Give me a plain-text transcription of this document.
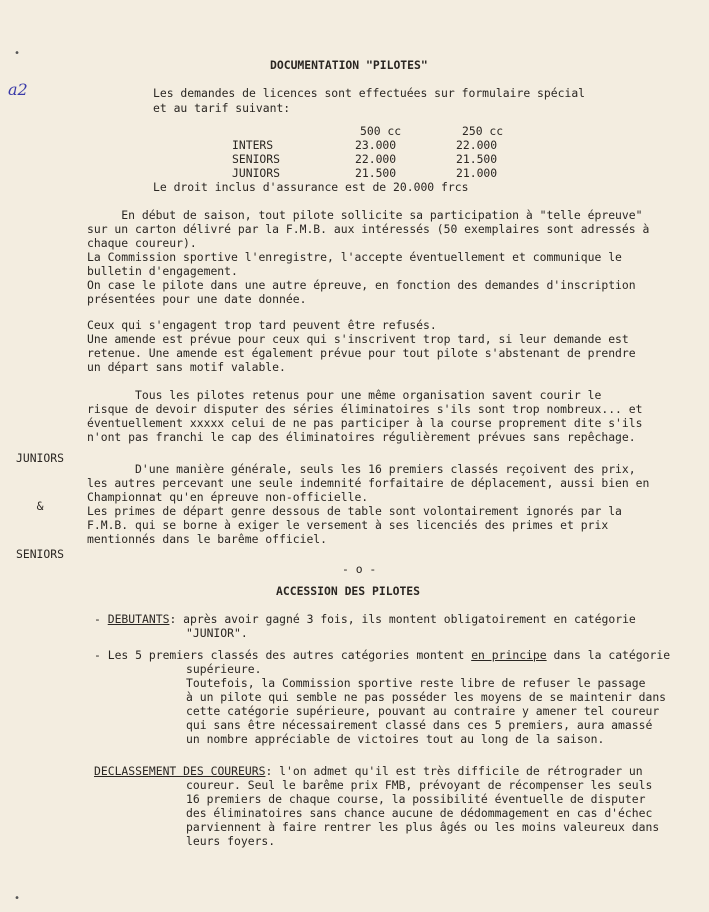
•
•
a2
DOCUMENTATION "PILOTES"
Les demandes de licences sont effectuées sur formulaire spécial
et au tarif suivant:
500 cc	250 cc
INTERS	23.000	22.000
SENIORS	22.000	21.500
JUNIORS	21.500	21.000
Le droit inclus d'assurance est de 20.000 frcs
En début de saison, tout pilote sollicite sa participation à "telle épreuve"
sur un carton délivré par la F.M.B. aux intéressés (50 exemplaires sont adressés à
chaque coureur).
La Commission sportive l'enregistre, l'accepte éventuellement et communique le
bulletin d'engagement.
On case le pilote dans une autre épreuve, en fonction des demandes d'inscription
présentées pour une date donnée.
Ceux qui s'engagent trop tard peuvent être refusés.
Une amende est prévue pour ceux qui s'inscrivent trop tard, si leur demande est
retenue. Une amende est également prévue pour tout pilote s'abstenant de prendre
un départ sans motif valable.

JUNIORS

&

SENIORS

Tous les pilotes retenus pour une même organisation savent courir le
risque de devoir disputer des séries éliminatoires s'ils sont trop nombreux... et
éventuellement xxxxx celui de ne pas participer à la course proprement dite s'ils
n'ont pas franchi le cap des éliminatoires régulièrement prévues sans repêchage.
D'une manière générale, seuls les 16 premiers classés reçoivent des prix,
les autres percevant une seule indemnité forfaitaire de déplacement, aussi bien en
Championnat qu'en épreuve non-officielle.
Les primes de départ genre dessous de table sont volontairement ignorés par la
F.M.B. qui se borne à exiger le versement à ses licenciés des primes et prix
mentionnés dans le barême officiel.
- o -
ACCESSION DES PILOTES
- DEBUTANTS: après avoir gagné 3 fois, ils montent obligatoirement en catégorie
"JUNIOR".
- Les 5 premiers classés des autres catégories montent en principe dans la catégorie
supérieure.
Toutefois, la Commission sportive reste libre de refuser le passage
à un pilote qui semble ne pas posséder les moyens de se maintenir dans
cette catégorie supérieure, pouvant au contraire y amener tel coureur
qui sans être nécessairement classé dans ces 5 premiers, aura amassé
un nombre appréciable de victoires tout au long de la saison.
DECLASSEMENT DES COUREURS: l'on admet qu'il est très difficile de rétrograder un
coureur. Seul le barême prix FMB, prévoyant de récompenser les seuls
16 premiers de chaque course, la possibilité éventuelle de disputer
des éliminatoires sans chance aucune de dédommagement en cas d'échec
parviennent à faire rentrer les plus âgés ou les moins valeureux dans
leurs foyers.
